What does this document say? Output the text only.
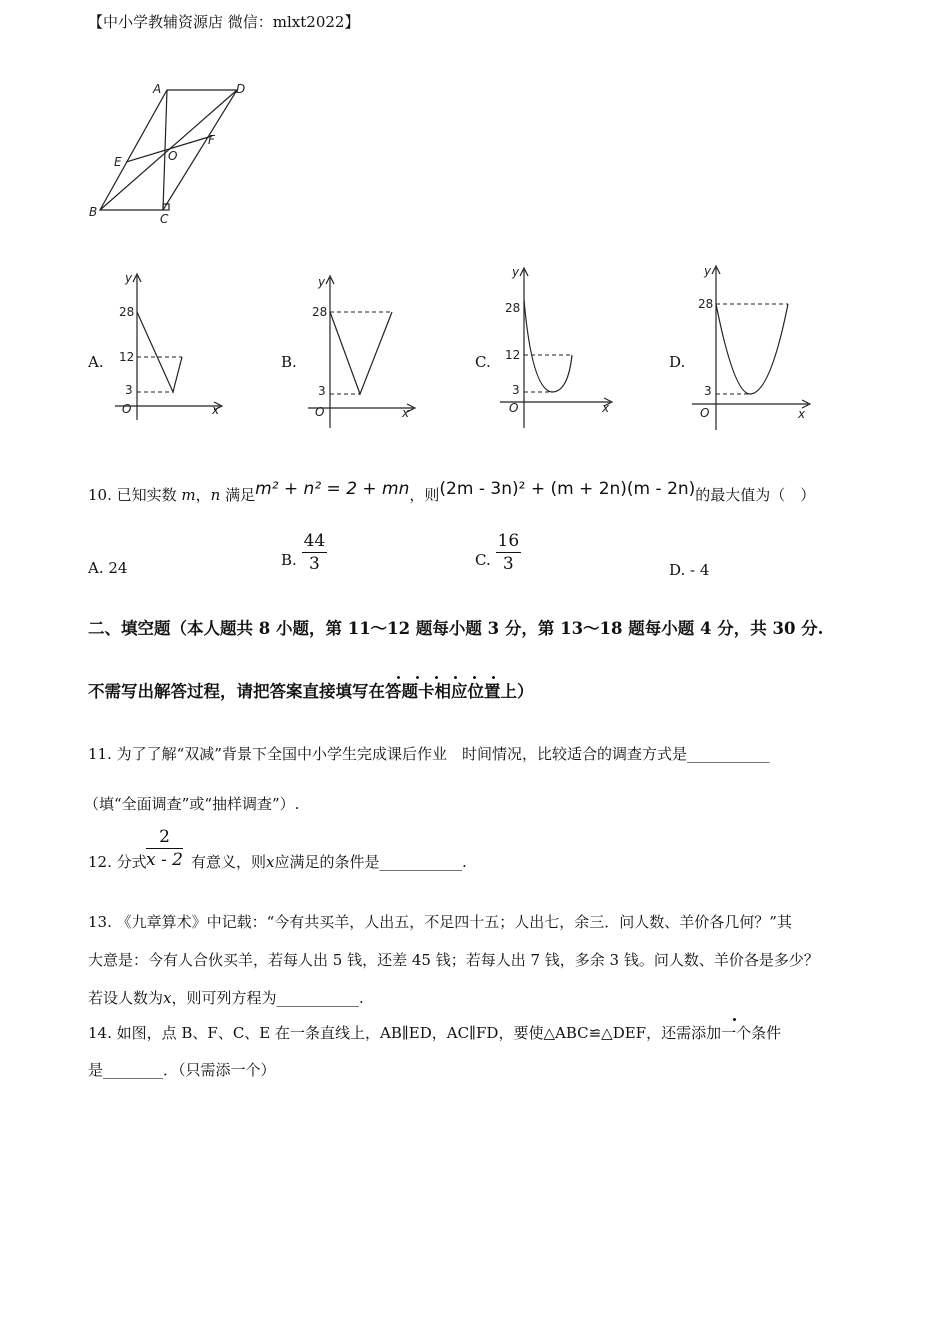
【中小学教辅资源店 微信：mlxt2022】
A	D
O
E
F
B	C
A.
28
12
3
y
x
O
B.
28
3
y
x
O
C.
28
12
3
y
x
O
D.
28
3
y
x
O
10. 已知实数 m，n 满足m² + n² = 2 + mn，则(2m - 3n)² + (m + 2n)(m - 2n)的最大值为（　）
A. 24	B. $\frac{44}{3}$	C. $\frac{16}{3}$	D. - 4
二、填空题（本人题共 8 小题，第 11～12 题每小题 3 分，第 13～18 题每小题 4 分，共 30 分.
不需写出解答过程，请把答案直接填写在答题卡相应位置上）
11. 为了了解“双减”背景下全国中小学生完成课后作业　时间情况，比较适合的调查方式是___________
（填“全面调查”或“抽样调查”）.
12. 分式 $\frac{2}{x - 2}$ 有意义，则x应满足的条件是___________.
13. 《九章算术》中记载：“今有共买羊，人出五，不足四十五；人出七，余三．问人数、羊价各几何？”其
大意是：今有人合伙买羊，若每人出 5 钱，还差 45 钱；若每人出 7 钱，多余 3 钱。问人数、羊价各是多少？
若设人数为x，则可列方程为___________.
14. 如图，点 B、F、C、E 在一条直线上，AB∥ED，AC∥FD，要使△ABC≌△DEF，还需添加一个条件
是________．（只需添一个）
